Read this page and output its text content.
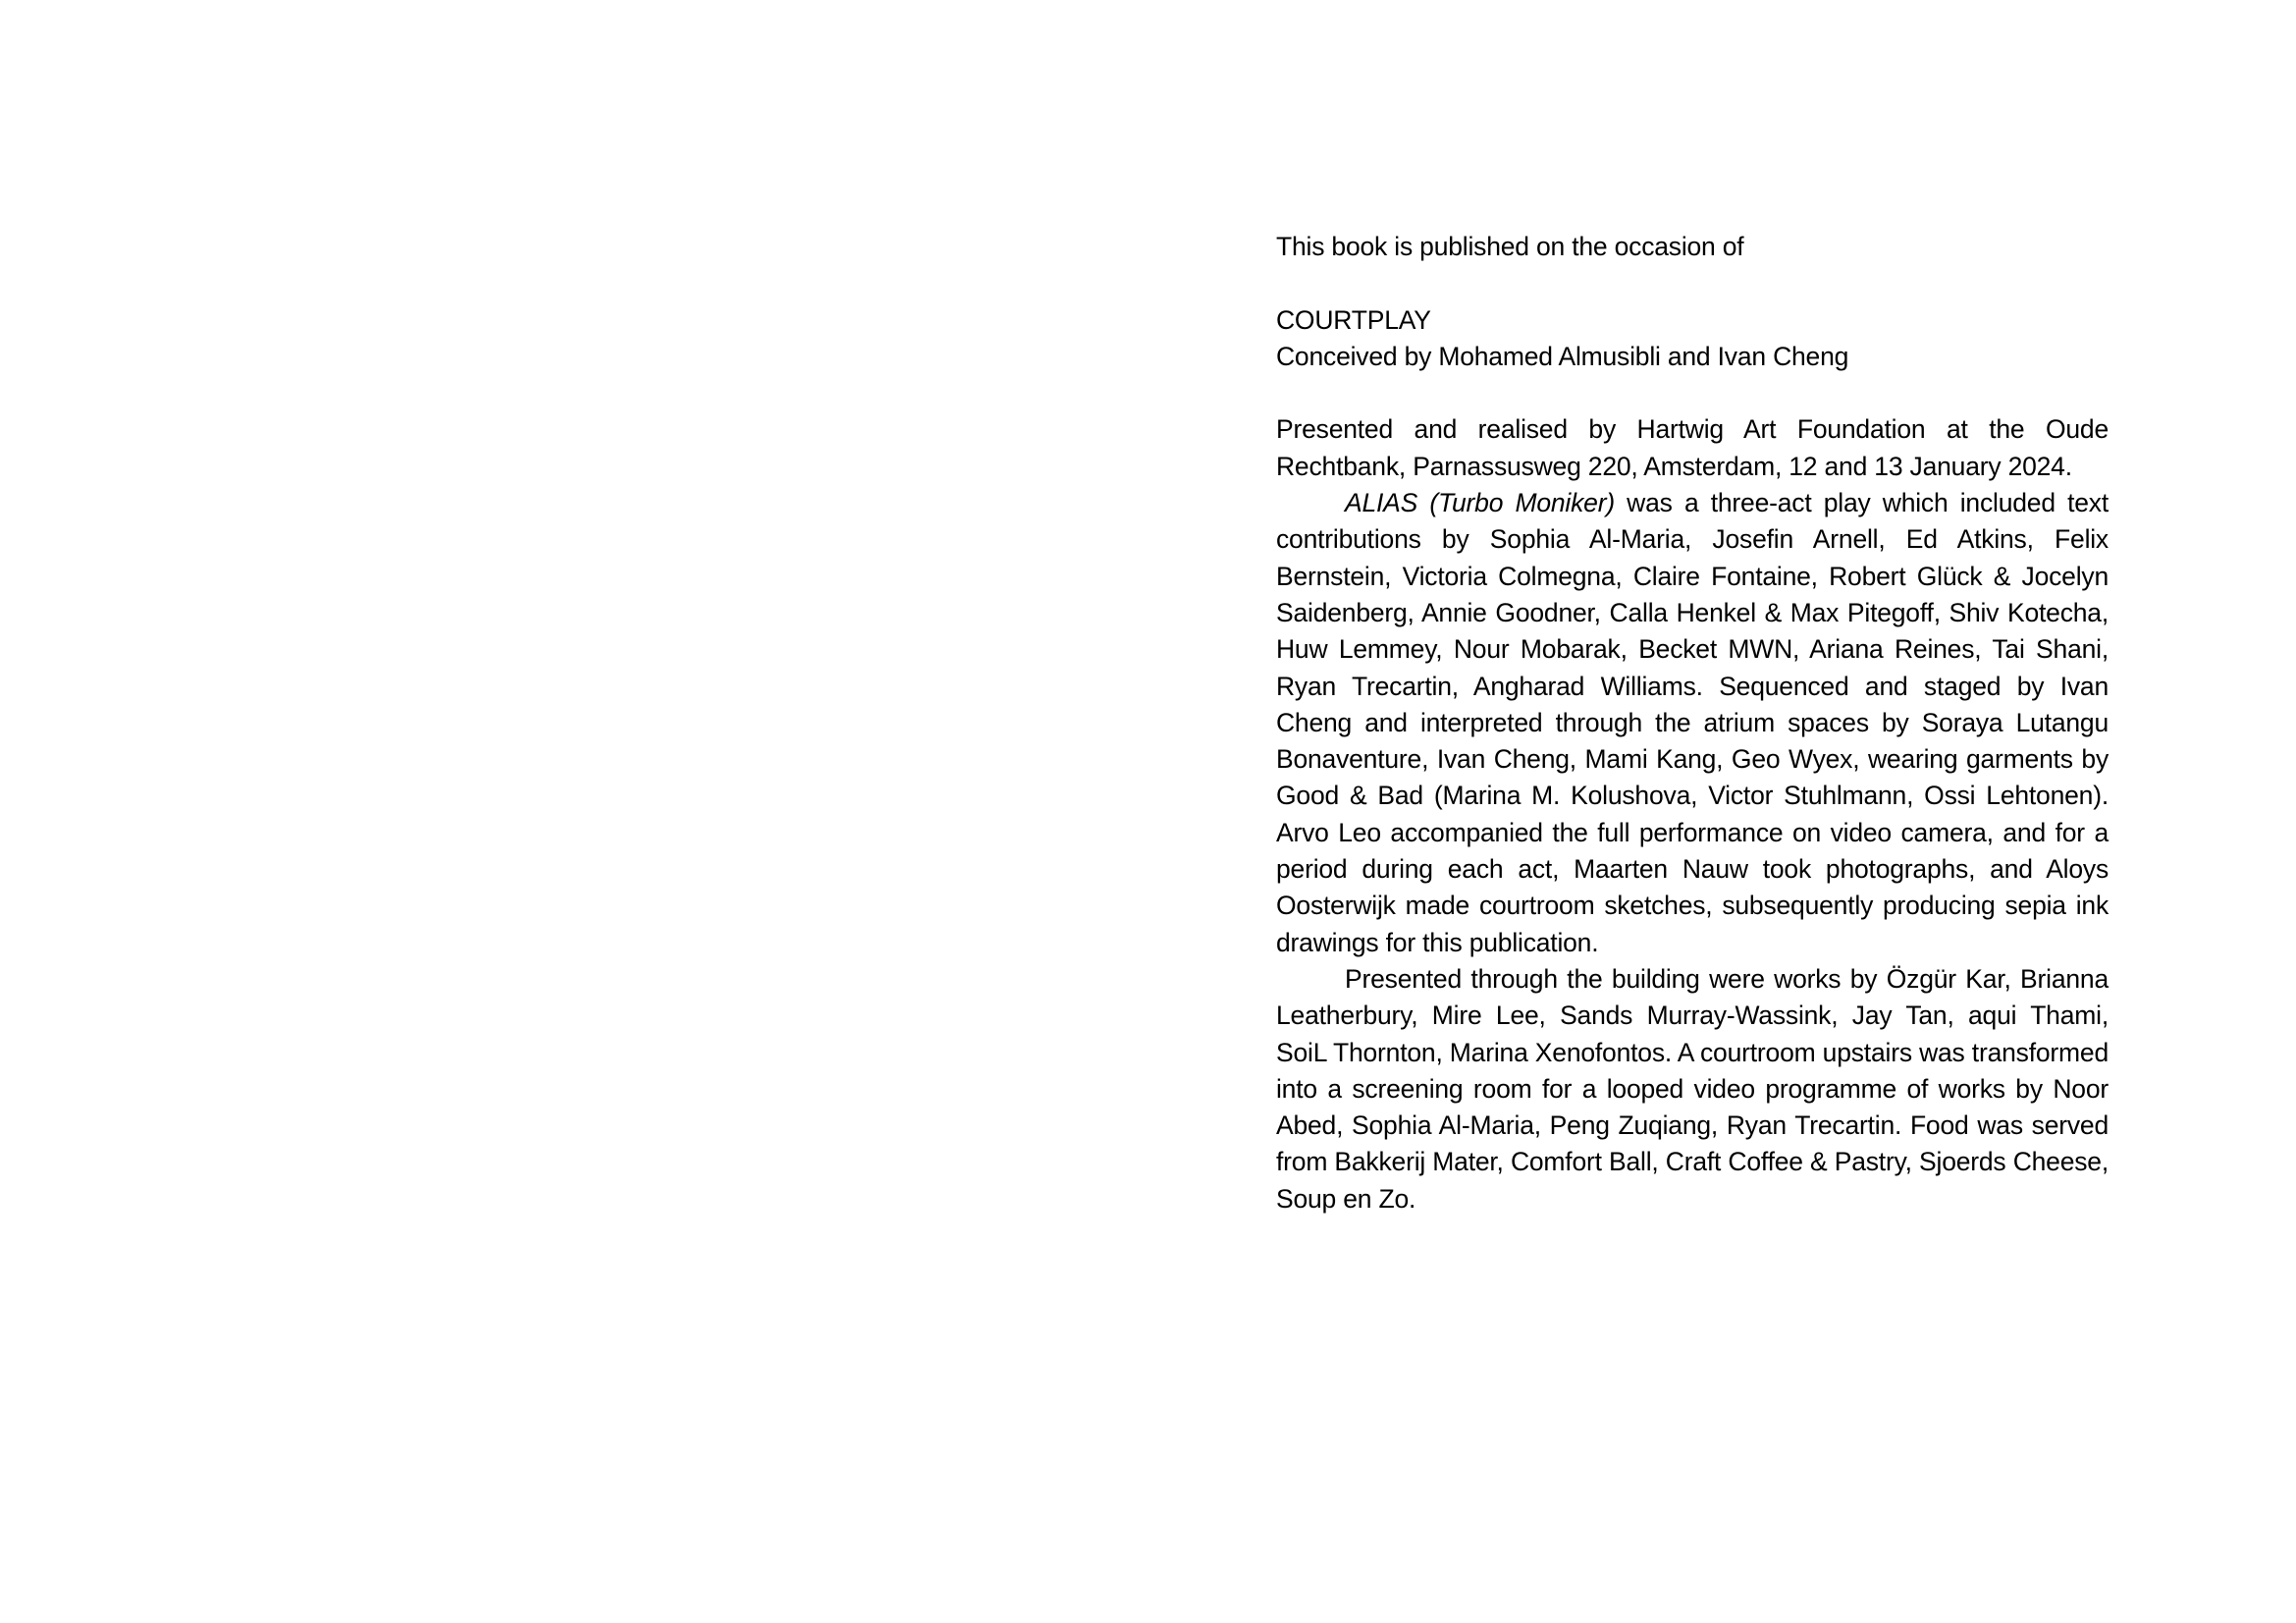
This book is published on the occasion of

COURTPLAY

Conceived by Mohamed Almusibli and Ivan Cheng

Presented and realised by Hartwig Art Foundation at the Oude Rechtbank, Parnassusweg 220, Amsterdam, 12 and 13 January 2024.

ALIAS (Turbo Moniker) was a three-act play which included text contributions by Sophia Al-Maria, Josefin Arnell, Ed Atkins, Felix Bernstein, Victoria Colmegna, Claire Fontaine, Robert Glück & Jocelyn Saidenberg, Annie Goodner, Calla Henkel & Max Pitegoff, Shiv Kotecha, Huw Lemmey, Nour Mobarak, Becket MWN, Ariana Reines, Tai Shani, Ryan Trecartin, Angharad Williams. Sequenced and staged by Ivan Cheng and interpreted through the atrium spaces by Soraya Lutangu Bonaventure, Ivan Cheng, Mami Kang, Geo Wyex, wearing garments by Good & Bad (Marina M. Kolushova, Victor Stuhlmann, Ossi Lehtonen). Arvo Leo accompanied the full performance on video camera, and for a period during each act, Maarten Nauw took photographs, and Aloys Oosterwijk made courtroom sketches, subsequently producing sepia ink drawings for this publication.

Presented through the building were works by Özgür Kar, Brianna Leatherbury, Mire Lee, Sands Murray-Wassink, Jay Tan, aqui Thami, SoiL Thornton, Marina Xenofontos. A courtroom upstairs was transformed into a screening room for a looped video programme of works by Noor Abed, Sophia Al-Maria, Peng Zuqiang, Ryan Trecartin. Food was served from Bakkerij Mater, Comfort Ball, Craft Coffee & Pastry, Sjoerds Cheese, Soup en Zo.
